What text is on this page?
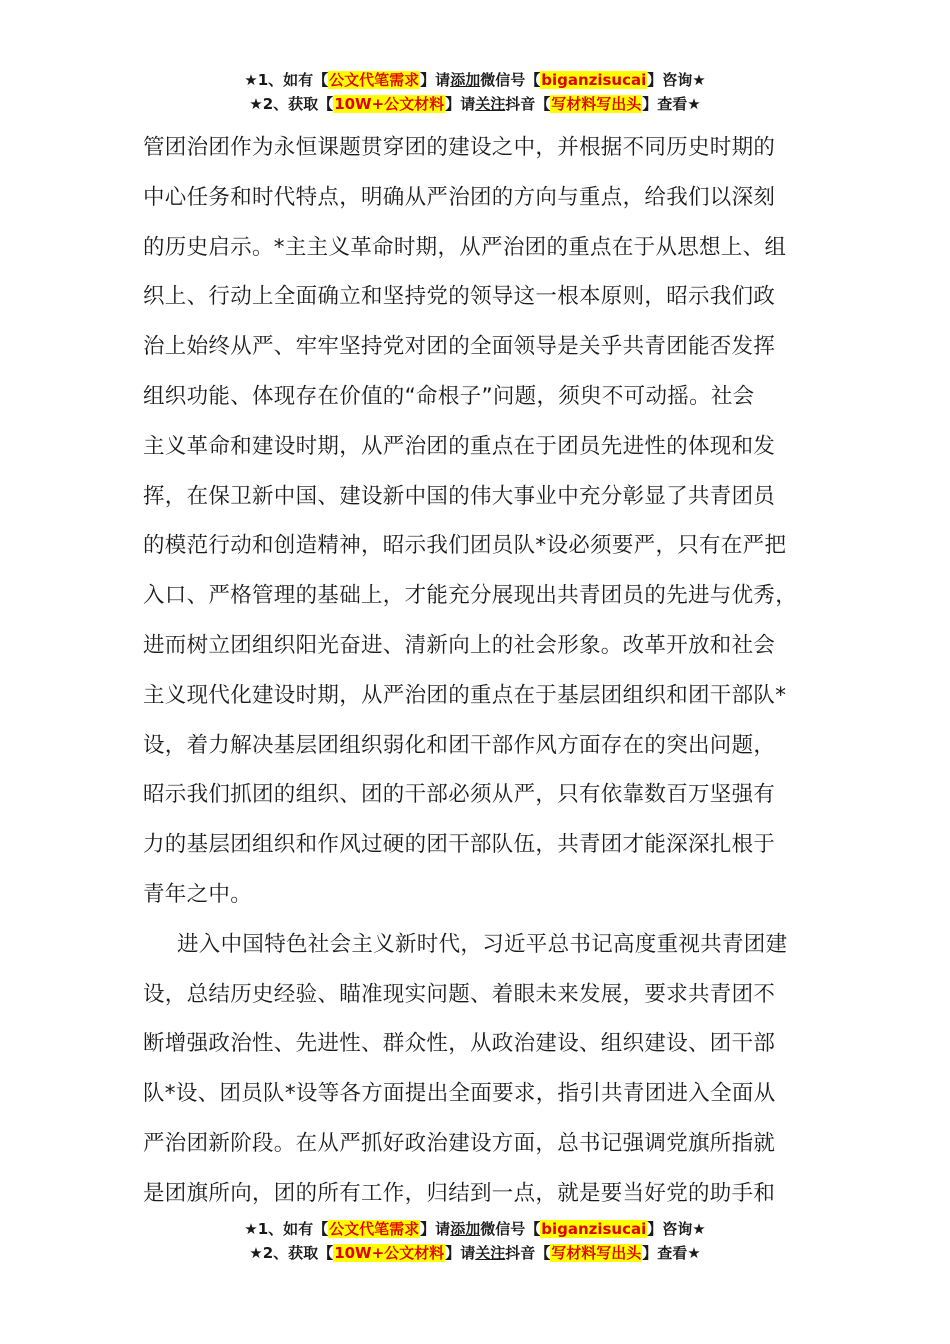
★1、如有【公文代笔需求】请添加微信号【biganzisucai】咨询★
★2、获取【10W+公文材料】请关注抖音【写材料写出头】查看★
管团治团作为永恒课题贯穿团的建设之中，并根据不同历史时期的
中心任务和时代特点，明确从严治团的方向与重点，给我们以深刻
的历史启示。*主主义革命时期，从严治团的重点在于从思想上、组
织上、行动上全面确立和坚持党的领导这一根本原则，昭示我们政
治上始终从严、牢牢坚持党对团的全面领导是关乎共青团能否发挥
组织功能、体现存在价值的“命根子”问题，须臾不可动摇。社会
主义革命和建设时期，从严治团的重点在于团员先进性的体现和发
挥，在保卫新中国、建设新中国的伟大事业中充分彰显了共青团员
的模范行动和创造精神，昭示我们团员队*设必须要严，只有在严把
入口、严格管理的基础上，才能充分展现出共青团员的先进与优秀，
进而树立团组织阳光奋进、清新向上的社会形象。改革开放和社会
主义现代化建设时期，从严治团的重点在于基层团组织和团干部队*
设，着力解决基层团组织弱化和团干部作风方面存在的突出问题，
昭示我们抓团的组织、团的干部必须从严，只有依靠数百万坚强有
力的基层团组织和作风过硬的团干部队伍，共青团才能深深扎根于
青年之中。
进入中国特色社会主义新时代，习近平总书记高度重视共青团建
设，总结历史经验、瞄准现实问题、着眼未来发展，要求共青团不
断增强政治性、先进性、群众性，从政治建设、组织建设、团干部
队*设、团员队*设等各方面提出全面要求，指引共青团进入全面从
严治团新阶段。在从严抓好政治建设方面，总书记强调党旗所指就
是团旗所向，团的所有工作，归结到一点，就是要当好党的助手和
★1、如有【公文代笔需求】请添加微信号【biganzisucai】咨询★
★2、获取【10W+公文材料】请关注抖音【写材料写出头】查看★
